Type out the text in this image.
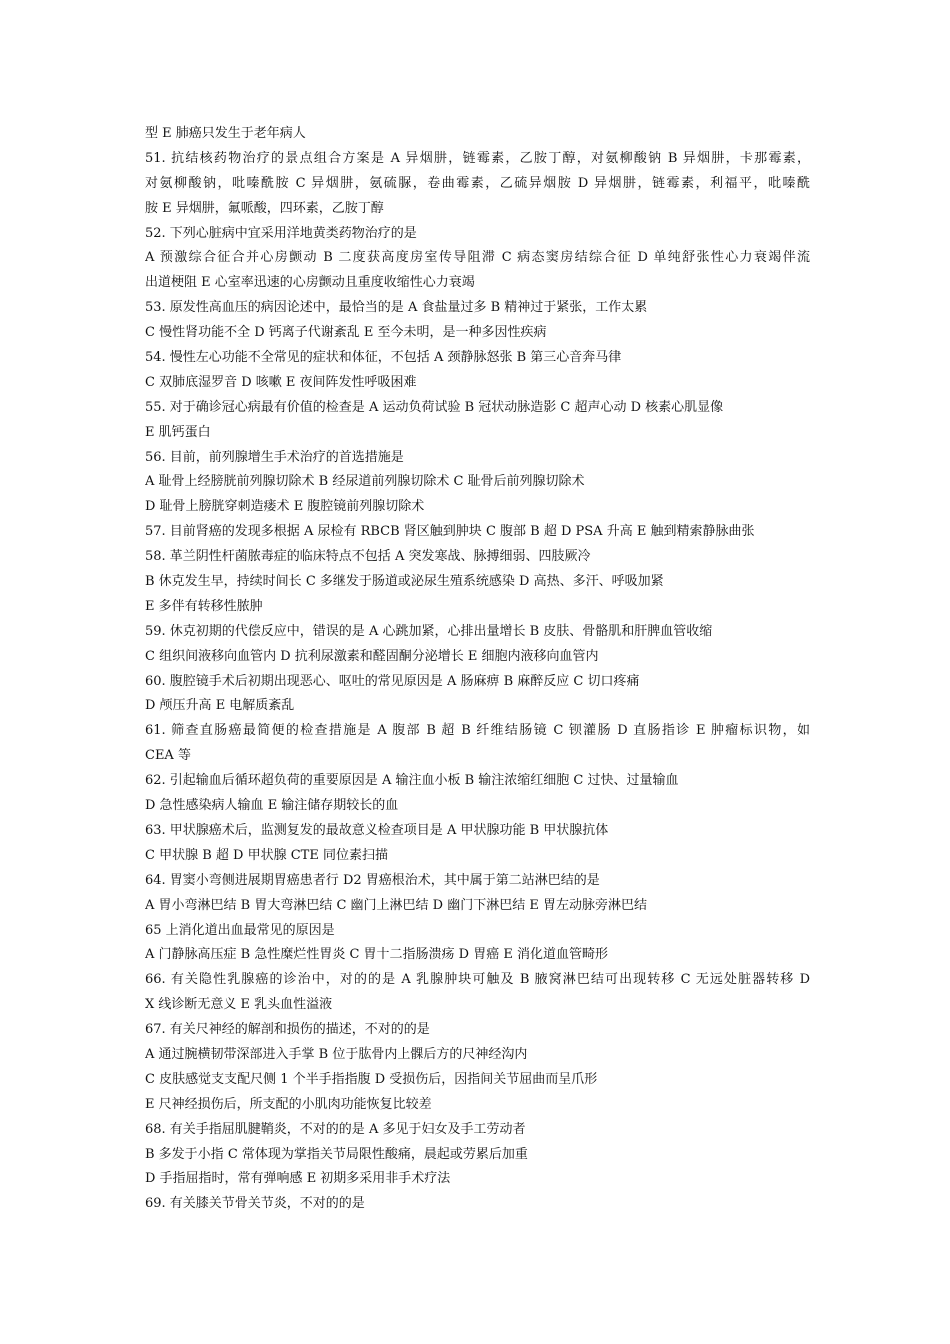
型 E 肺癌只发生于老年病人
51. 抗结核药物治疗的景点组合方案是 A 异烟肼，链霉素，乙胺丁醇，对氨柳酸钠 B 异烟肼，卡那霉素，
对氨柳酸钠，吡嗪酰胺 C 异烟肼，氨硫脲，卷曲霉素，乙硫异烟胺 D 异烟肼，链霉素，利福平，吡嗪酰
胺 E 异烟肼，氟哌酸，四环素，乙胺丁醇
52. 下列心脏病中宜采用洋地黄类药物治疗的是
A 预激综合征合并心房颤动 B 二度获高度房室传导阻滞 C 病态窦房结综合征 D 单纯舒张性心力衰竭伴流
出道梗阻 E 心室率迅速的心房颤动且重度收缩性心力衰竭
53. 原发性高血压的病因论述中，最恰当的是 A 食盐量过多 B 精神过于紧张，工作太累
C 慢性肾功能不全 D 钙离子代谢紊乱 E 至今未明，是一种多因性疾病
54. 慢性左心功能不全常见的症状和体征，不包括 A 颈静脉怒张 B 第三心音奔马律
C 双肺底湿罗音 D 咳嗽 E 夜间阵发性呼吸困难
55. 对于确诊冠心病最有价值的检查是 A 运动负荷试验 B 冠状动脉造影 C 超声心动 D 核素心肌显像
E 肌钙蛋白
56. 目前，前列腺增生手术治疗的首选措施是
A 耻骨上经膀胱前列腺切除术 B 经尿道前列腺切除术 C 耻骨后前列腺切除术
D 耻骨上膀胱穿刺造瘘术 E 腹腔镜前列腺切除术
57. 目前肾癌的发现多根据 A 尿检有 RBCB 肾区触到肿块 C 腹部 B 超 D PSA 升高 E 触到精索静脉曲张
58. 革兰阴性杆菌脓毒症的临床特点不包括 A 突发寒战、脉搏细弱、四肢厥冷
B 休克发生早，持续时间长 C 多继发于肠道或泌尿生殖系统感染 D 高热、多汗、呼吸加紧
E 多伴有转移性脓肿
59. 休克初期的代偿反应中，错误的是 A 心跳加紧，心排出量增长 B 皮肤、骨骼肌和肝脾血管收缩
C 组织间液移向血管内 D 抗利尿激素和醛固酮分泌增长 E 细胞内液移向血管内
60. 腹腔镜手术后初期出现恶心、呕吐的常见原因是 A 肠麻痹 B 麻醉反应 C 切口疼痛
D 颅压升高 E 电解质紊乱
61. 筛查直肠癌最简便的检查措施是 A 腹部 B 超 B 纤维结肠镜 C 钡灌肠 D 直肠指诊 E 肿瘤标识物，如
CEA 等
62. 引起输血后循环超负荷的重要原因是 A 输注血小板 B 输注浓缩红细胞 C 过快、过量输血
D 急性感染病人输血 E 输注储存期较长的血
63. 甲状腺癌术后，监测复发的最故意义检查项目是 A 甲状腺功能 B 甲状腺抗体
C 甲状腺 B 超 D 甲状腺 CTE 同位素扫描
64. 胃窦小弯侧进展期胃癌患者行 D2 胃癌根治术，其中属于第二站淋巴结的是
A 胃小弯淋巴结 B 胃大弯淋巴结 C 幽门上淋巴结 D 幽门下淋巴结 E 胃左动脉旁淋巴结
65 上消化道出血最常见的原因是
A 门静脉高压症 B 急性糜烂性胃炎 C 胃十二指肠溃疡 D 胃癌 E 消化道血管畸形
66. 有关隐性乳腺癌的诊治中，对的的是 A 乳腺肿块可触及 B 腋窝淋巴结可出现转移 C 无远处脏器转移 D
X 线诊断无意义 E 乳头血性溢液
67. 有关尺神经的解剖和损伤的描述，不对的的是
A 通过腕横韧带深部进入手掌 B 位于肱骨内上髁后方的尺神经沟内
C 皮肤感觉支支配尺侧 1 个半手指指腹 D 受损伤后，因指间关节屈曲而呈爪形
E 尺神经损伤后，所支配的小肌肉功能恢复比较差
68. 有关手指屈肌腱鞘炎，不对的的是 A 多见于妇女及手工劳动者
B 多发于小指 C 常体现为掌指关节局限性酸痛，晨起或劳累后加重
D 手指屈指时，常有弹响感 E 初期多采用非手术疗法
69. 有关膝关节骨关节炎，不对的的是
